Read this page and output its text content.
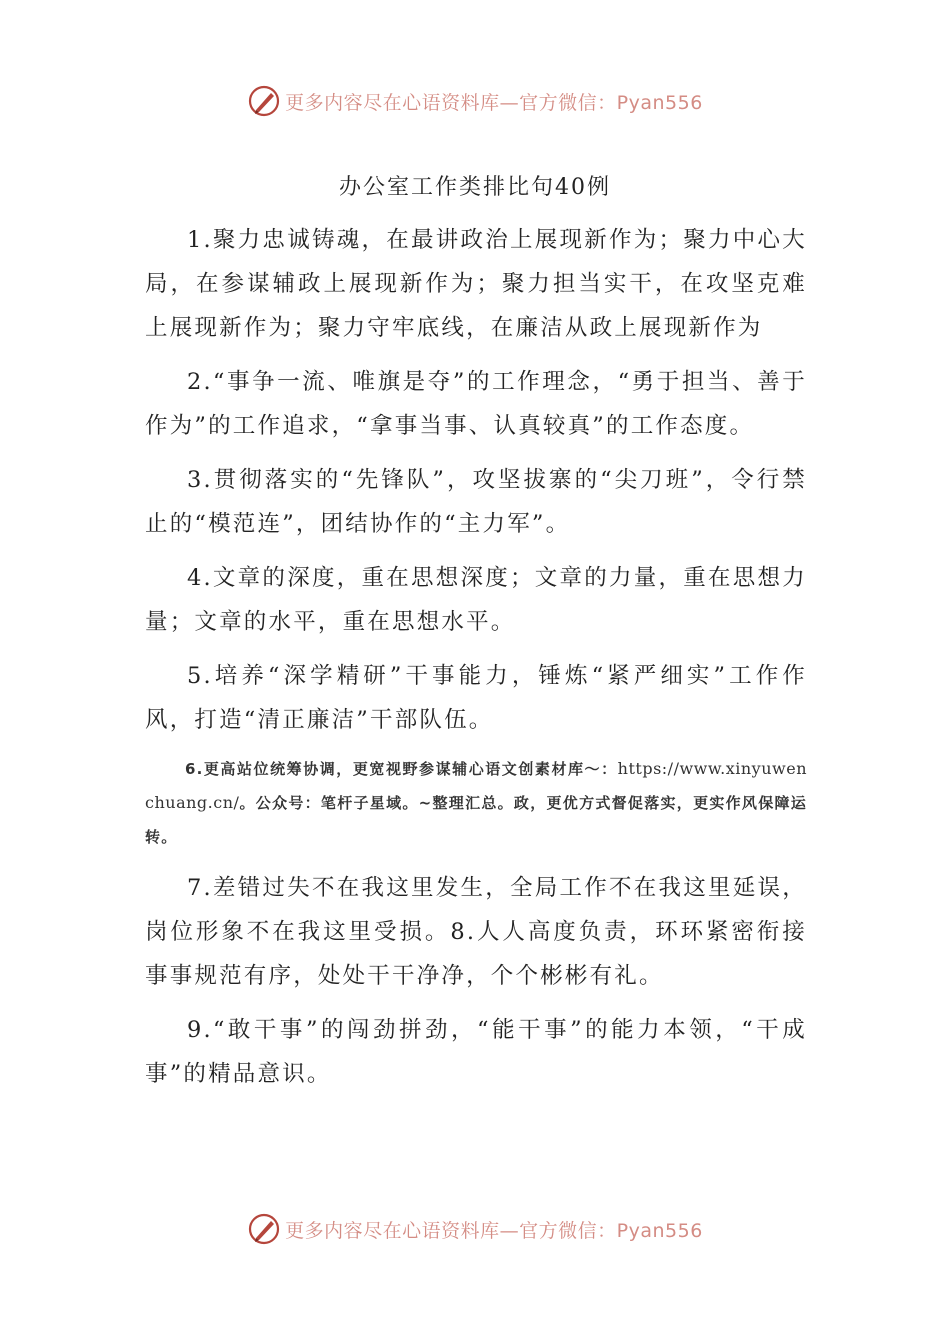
更多内容尽在心语资料库—官方微信：Pyan556
办公室工作类排比句40例

1.聚力忠诚铸魂，在最讲政治上展现新作为；聚力中心大局，在参谋辅政上展现新作为；聚力担当实干，在攻坚克难上展现新作为；聚力守牢底线，在廉洁从政上展现新作为

2.“事争一流、唯旗是夺”的工作理念，“勇于担当、善于作为”的工作追求，“拿事当事、认真较真”的工作态度。

3.贯彻落实的“先锋队”，攻坚拔寨的“尖刀班”，令行禁止的“模范连”，团结协作的“主力军”。

4.文章的深度，重在思想深度；文章的力量，重在思想力量；文章的水平，重在思想水平。

5.培养“深学精研”干事能力，锤炼“紧严细实”工作作风，打造“清正廉洁”干部队伍。

6.更高站位统筹协调，更宽视野参谋辅心语文创素材库～：https://www.xinyuwenchuang.cn/。公众号：笔杆子星域。~整理汇总。政，更优方式督促落实，更实作风保障运转。

7.差错过失不在我这里发生，全局工作不在我这里延误，岗位形象不在我这里受损。8.人人高度负责，环环紧密衔接事事规范有序，处处干干净净，个个彬彬有礼。

9.“敢干事”的闯劲拼劲，“能干事”的能力本领，“干成事”的精品意识。

更多内容尽在心语资料库—官方微信：Pyan556
